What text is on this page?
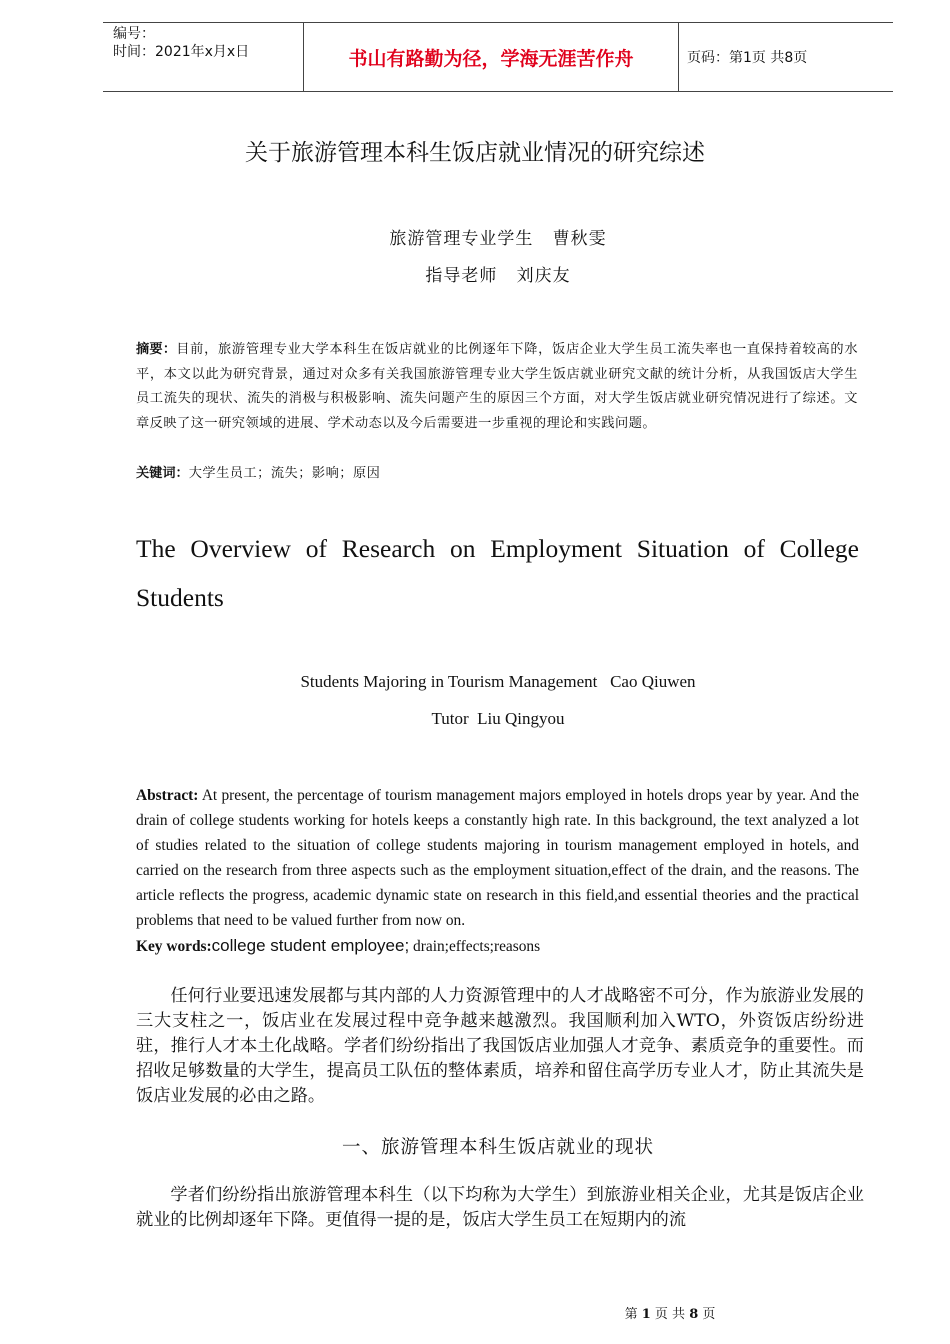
编号：
时间：2021年x月x日	书山有路勤为径，学海无涯苦作舟	页码：第1页 共8页
关于旅游管理本科生饭店就业情况的研究综述
旅游管理专业学生   曹秋雯
指导老师   刘庆友
摘要：目前，旅游管理专业大学本科生在饭店就业的比例逐年下降，饭店企业大学生员工流失率也一直保持着较高的水平，本文以此为研究背景，通过对众多有关我国旅游管理专业大学生饭店就业研究文献的统计分析，从我国饭店大学生员工流失的现状、流失的消极与积极影响、流失问题产生的原因三个方面，对大学生饭店就业研究情况进行了综述。文章反映了这一研究领域的进展、学术动态以及今后需要进一步重视的理论和实践问题。
关键词：大学生员工；流失；影响；原因
The Overview of Research on Employment Situation of College
Students
Students Majoring in Tourism Management   Cao Qiuwen
Tutor  Liu Qingyou
Abstract: At present, the percentage of tourism management majors employed in hotels drops year by year. And the drain of college students working for hotels keeps a constantly high rate. In this background, the text analyzed a lot of studies related to the situation of college students majoring in tourism management employed in hotels, and carried on the research from three aspects such as the employment situation,effect of the drain, and the reasons. The article reflects the progress, academic dynamic state on research in this field,and essential theories and the practical problems that need to be valued further from now on.
Key words:college student employee; drain;effects;reasons
任何行业要迅速发展都与其内部的人力资源管理中的人才战略密不可分，作为旅游业发展的三大支柱之一，饭店业在发展过程中竞争越来越激烈。我国顺利加入WTO，外资饭店纷纷进驻，推行人才本土化战略。学者们纷纷指出了我国饭店业加强人才竞争、素质竞争的重要性。而招收足够数量的大学生，提高员工队伍的整体素质，培养和留住高学历专业人才，防止其流失是饭店业发展的必由之路。
一、旅游管理本科生饭店就业的现状
学者们纷纷指出旅游管理本科生（以下均称为大学生）到旅游业相关企业，尤其是饭店企业就业的比例却逐年下降。更值得一提的是，饭店大学生员工在短期内的流
第 1 页 共 8 页
